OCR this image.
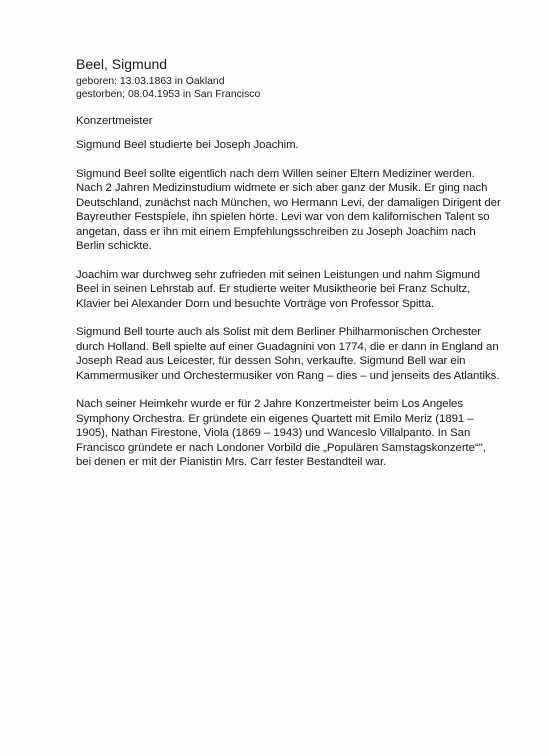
Beel, Sigmund

geboren: 13.03.1863 in Oakland

gestorben; 08.04.1953 in San Francisco

Konzertmeister

Sigmund Beel studierte bei Joseph Joachim.

Sigmund Beel sollte eigentlich nach dem Willen seiner Eltern Mediziner werden.
Nach 2 Jahren Medizinstudium widmete er sich aber ganz der Musik. Er ging nach
Deutschland, zunächst nach München, wo Hermann Levi, der damaligen Dirigent der
Bayreuther Festspiele, ihn spielen hörte. Levi war von dem kalifornischen Talent so
angetan, dass er ihn mit einem Empfehlungsschreiben zu Joseph Joachim nach
Berlin schickte.

Joachim war durchweg sehr zufrieden mit seinen Leistungen und nahm Sigmund
Beel in seinen Lehrstab auf. Er studierte weiter Musiktheorie bei Franz Schultz,
Klavier bei Alexander Dorn und besuchte Vorträge von Professor Spitta.

Sigmund Bell tourte auch als Solist mit dem Berliner Philharmonischen Orchester
durch Holland. Bell spielte auf einer Guadagnini von 1774, die er dann in England an
Joseph Read aus Leicester, für dessen Sohn, verkaufte. Sigmund Bell war ein
Kammermusiker und Orchestermusiker von Rang – dies – und jenseits des Atlantiks.

Nach seiner Heimkehr wurde er für 2 Jahre Konzertmeister beim Los Angeles
Symphony Orchestra. Er gründete ein eigenes Quartett mit Emilo Meriz (1891 –
1905), Nathan Firestone, Viola (1869 – 1943) und Wanceslo Villalpanto. In San
Francisco gründete er nach Londoner Vorbild die „Populären Samstagskonzerte“",
bei denen er mit der Pianistin Mrs. Carr fester Bestandteil war.
